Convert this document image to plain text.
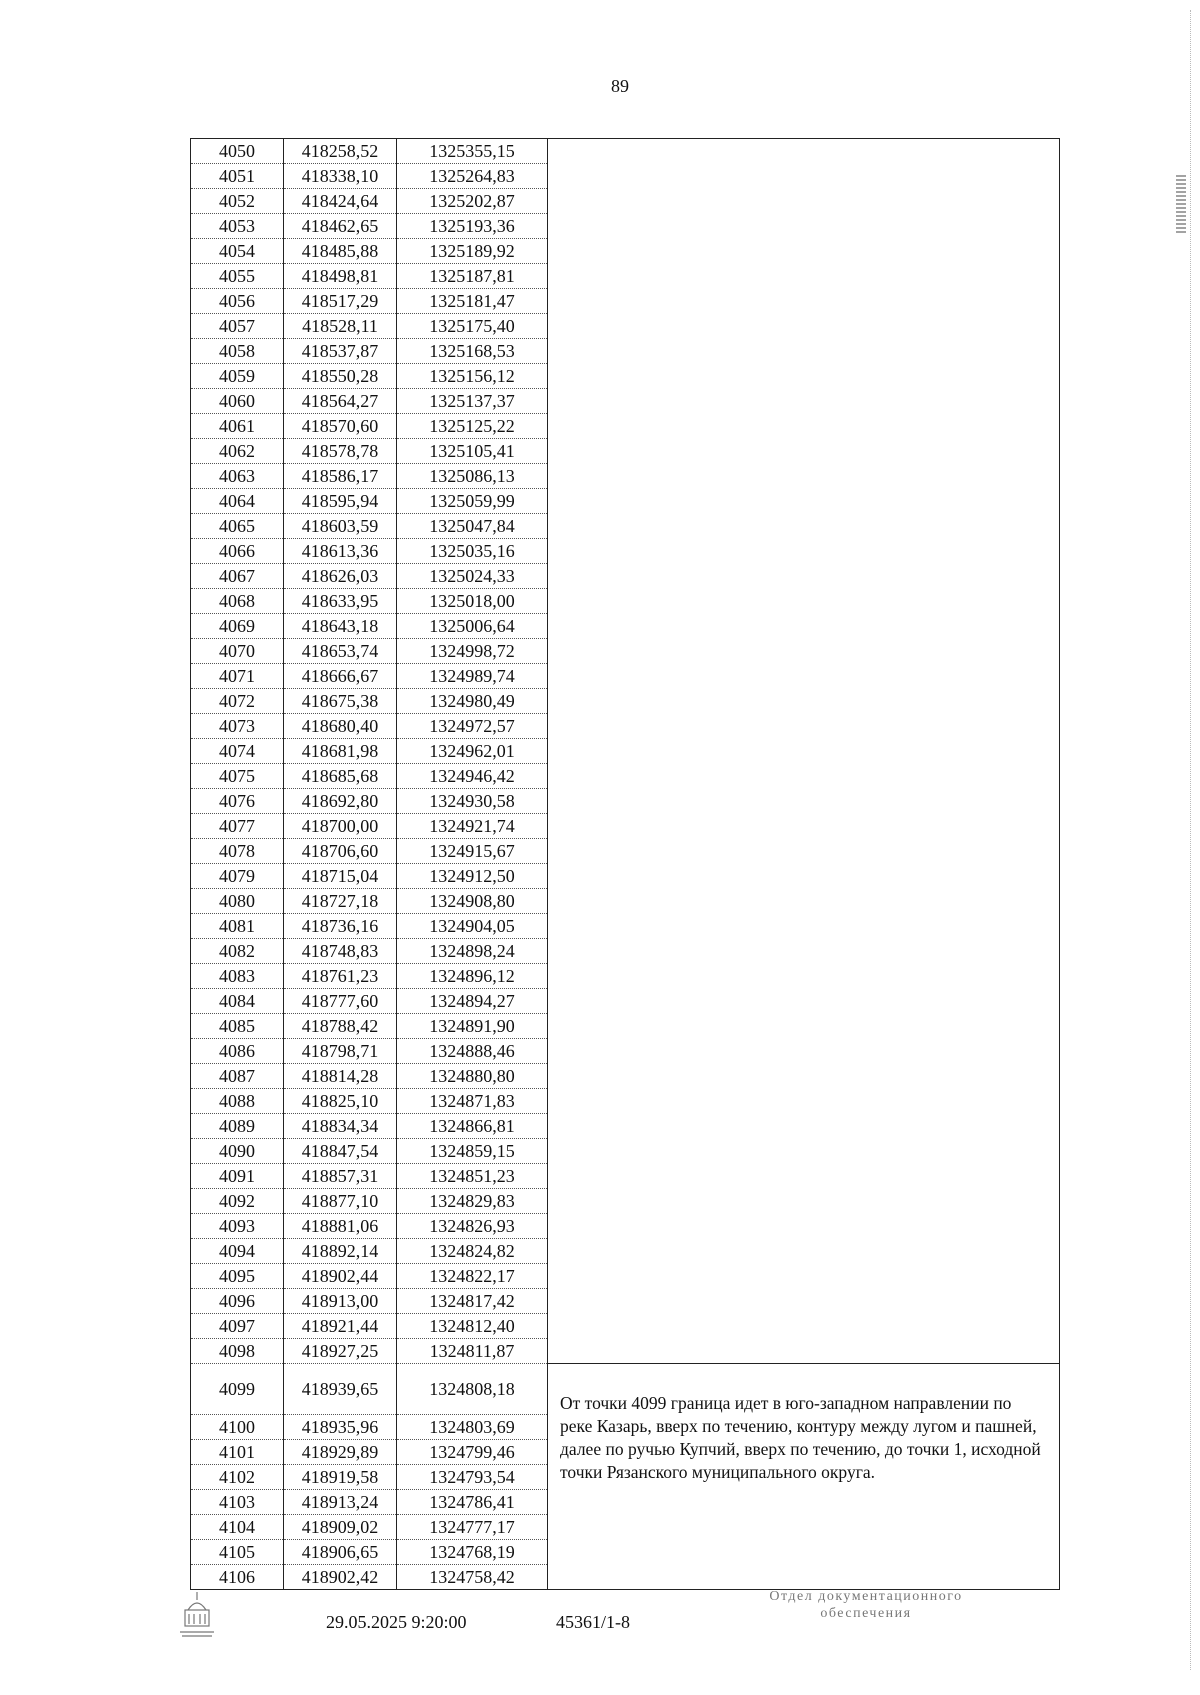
89
4050	418258,52	1325355,15	
4051	418338,10	1325264,83	
4052	418424,64	1325202,87	
4053	418462,65	1325193,36	
4054	418485,88	1325189,92	
4055	418498,81	1325187,81	
4056	418517,29	1325181,47	
4057	418528,11	1325175,40	
4058	418537,87	1325168,53	
4059	418550,28	1325156,12	
4060	418564,27	1325137,37	
4061	418570,60	1325125,22	
4062	418578,78	1325105,41	
4063	418586,17	1325086,13	
4064	418595,94	1325059,99	
4065	418603,59	1325047,84	
4066	418613,36	1325035,16	
4067	418626,03	1325024,33	
4068	418633,95	1325018,00	
4069	418643,18	1325006,64	
4070	418653,74	1324998,72	
4071	418666,67	1324989,74	
4072	418675,38	1324980,49	
4073	418680,40	1324972,57	
4074	418681,98	1324962,01	
4075	418685,68	1324946,42	
4076	418692,80	1324930,58	
4077	418700,00	1324921,74	
4078	418706,60	1324915,67	
4079	418715,04	1324912,50	
4080	418727,18	1324908,80	
4081	418736,16	1324904,05	
4082	418748,83	1324898,24	
4083	418761,23	1324896,12	
4084	418777,60	1324894,27	
4085	418788,42	1324891,90	
4086	418798,71	1324888,46	
4087	418814,28	1324880,80	
4088	418825,10	1324871,83	
4089	418834,34	1324866,81	
4090	418847,54	1324859,15	
4091	418857,31	1324851,23	
4092	418877,10	1324829,83	
4093	418881,06	1324826,93	
4094	418892,14	1324824,82	
4095	418902,44	1324822,17	
4096	418913,00	1324817,42	
4097	418921,44	1324812,40	
4098	418927,25	1324811,87	
4099	418939,65	1324808,18	От точки 4099 граница идет в юго-западном направлении по реке Казарь, вверх по течению, контуру между лугом и пашней, далее по ручью Купчий, вверх по течению, до точки 1, исходной точки Рязанского муниципального округа.
4100	418935,96	1324803,69	
4101	418929,89	1324799,46	
4102	418919,58	1324793,54	
4103	418913,24	1324786,41	
4104	418909,02	1324777,17	
4105	418906,65	1324768,19	
4106	418902,42	1324758,42	
29.05.2025 9:20:00	45361/1-8
Отдел документационного
обеспечения
